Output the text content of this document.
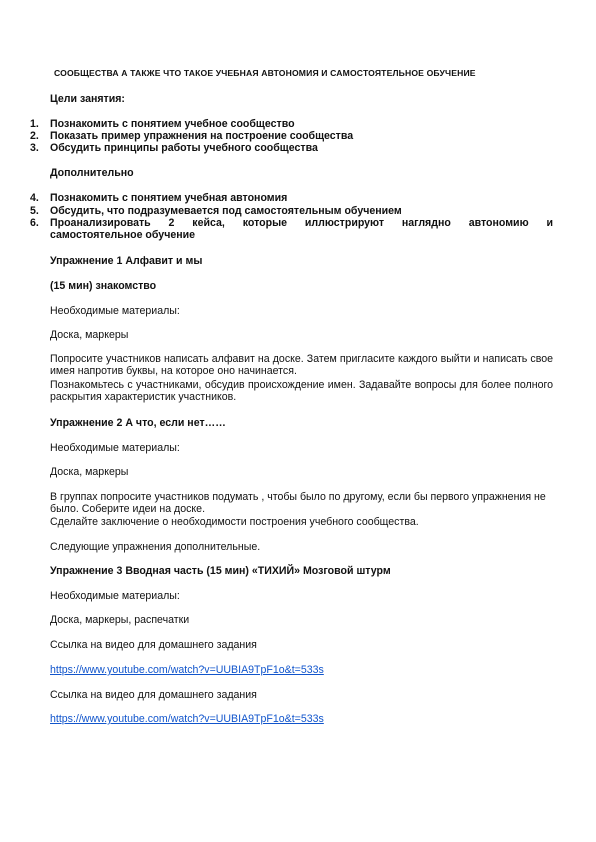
СООБЩЕСТВА А ТАКЖЕ ЧТО ТАКОЕ УЧЕБНАЯ АВТОНОМИЯ И САМОСТОЯТЕЛЬНОЕ ОБУЧЕНИЕ
Цели занятия:
1. Познакомить с понятием учебное сообщество
2. Показать пример упражнения на построение сообщества
3. Обсудить принципы работы учебного сообщества
Дополнительно
4. Познакомить с понятием учебная автономия
5. Обсудить, что подразумевается под самостоятельным обучением
6. Проанализировать 2 кейса, которые иллюстрируют наглядно автономию и
самостоятельное обучение
Упражнение 1 Алфавит и мы
(15 мин) знакомство
Необходимые материалы:
Доска, маркеры
Попросите участников написать алфавит на доске. Затем пригласите каждого выйти и написать свое имея напротив буквы, на которое оно начинается.
Познакомьтесь с участниками, обсудив происхождение имен. Задавайте вопросы для более полного раскрытия характеристик участников.
Упражнение 2 А что, если нет……
Необходимые материалы:
Доска, маркеры
В группах попросите участников подумать , чтобы было по другому, если бы первого упражнения не было. Соберите идеи на доске.
Сделайте заключение о необходимости построения учебного сообщества.
Следующие упражнения дополнительные.
Упражнение 3 Вводная часть (15 мин) «ТИХИЙ» Мозговой штурм
Необходимые материалы:
Доска, маркеры, распечатки
Ссылка на видео для домашнего задания
https://www.youtube.com/watch?v=UUBIA9TpF1o&t=533s
Ссылка на видео для домашнего задания
https://www.youtube.com/watch?v=UUBIA9TpF1o&t=533s
